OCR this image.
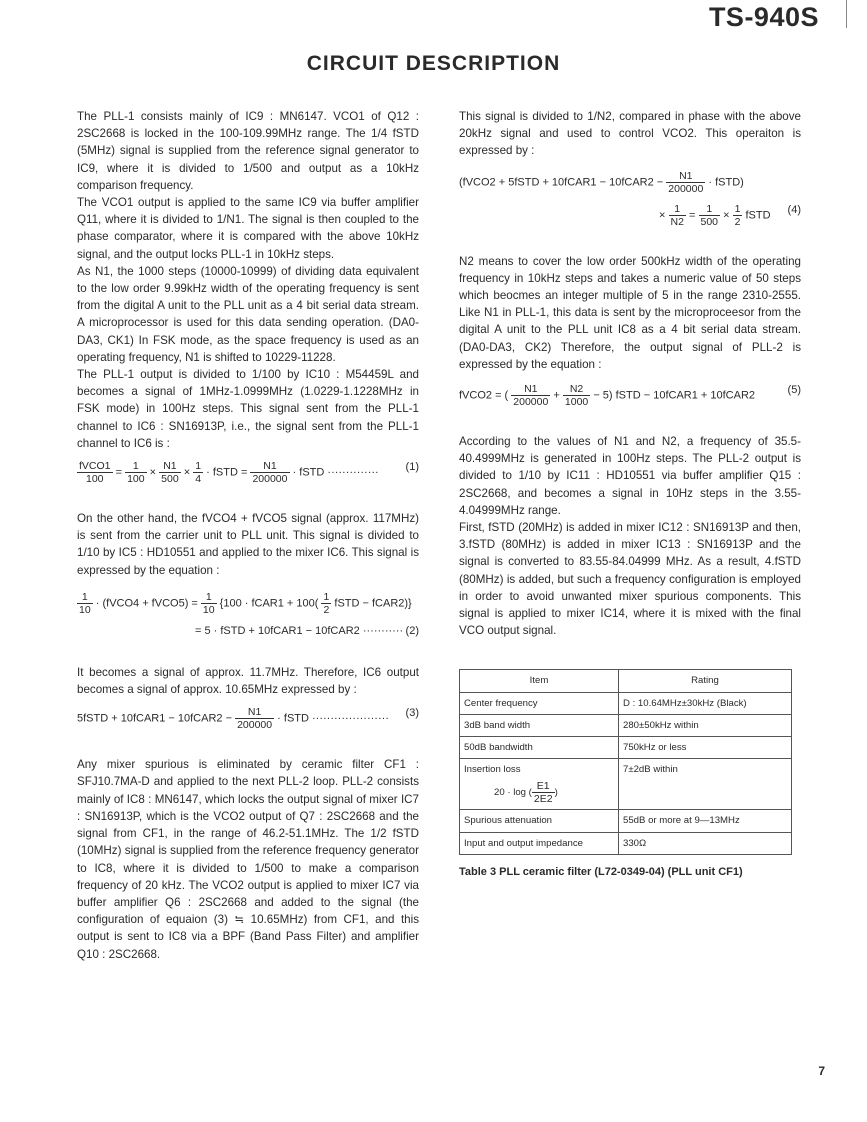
TS-940S
CIRCUIT DESCRIPTION

The PLL-1 consists mainly of IC9 : MN6147. VCO1 of Q12 : 2SC2668 is locked in the 100-109.99MHz range. The 1/4 fSTD (5MHz) signal is supplied from the reference signal generator to IC9, where it is divided to 1/500 and output as a 10kHz comparison frequency.

The VCO1 output is applied to the same IC9 via buffer amplifier Q11, where it is divided to 1/N1. The signal is then coupled to the phase comparator, where it is compared with the above 10kHz signal, and the output locks PLL-1 in 10kHz steps.

As N1, the 1000 steps (10000-10999) of dividing data equivalent to the low order 9.99kHz width of the operating frequency is sent from the digital A unit to the PLL unit as a 4 bit serial data stream. A microprocessor is used for this data sending operation. (DA0-DA3, CK1) In FSK mode, as the space frequency is used as an operating frequency, N1 is shifted to 10229-11228.

The PLL-1 output is divided to 1/100 by IC10 : M54459L and becomes a signal of 1MHz-1.0999MHz (1.0229-1.1228MHz in FSK mode) in 100Hz steps. This signal sent from the PLL-1 channel to IC6 : SN16913P, i.e., the signal sent from the PLL-1 channel to IC6 is :

$\frac{\text{fVCO1}}{100} = \frac{1}{100} \times \frac{N1}{500} \times \frac{1}{4}$ · fSTD = $\frac{N1}{200000}$ · fSTD ·············· (1)

On the other hand, the fVCO4 + fVCO5 signal (approx. 117MHz) is sent from the carrier unit to PLL unit. This signal is divided to 1/10 by IC5 : HD10551 and applied to the mixer IC6. This signal is expressed by the equation :

$\frac{1}{10}$ · (fVCO4 + fVCO5) = $\frac{1}{10} \{100$ · fCAR1 + $100( \frac{1}{2}$ fSTD − fCAR2)}
= 5 · fSTD + 10fCAR1 − 10fCAR2 ··········· (2)

It becomes a signal of approx. 11.7MHz. Therefore, IC6 output becomes a signal of approx. 10.65MHz expressed by :

5fSTD + 10fCAR1 − 10fCAR2 − $\frac{N1}{200000}$ · fSTD ····················· (3)

Any mixer spurious is eliminated by ceramic filter CF1 : SFJ10.7MA-D and applied to the next PLL-2 loop. PLL-2 consists mainly of IC8 : MN6147, which locks the output signal of mixer IC7 : SN16913P, which is the VCO2 output of Q7 : 2SC2668 and the signal from CF1, in the range of 46.2-51.1MHz. The 1/2 fSTD (10MHz) signal is supplied from the reference frequency generator to IC8, where it is divided to 1/500 to make a comparison frequency of 20 kHz. The VCO2 output is applied to mixer IC7 via buffer amplifier Q6 : 2SC2668 and added to the signal (the configuration of equaion (3) ≒ 10.65MHz) from CF1, and this output is sent to IC8 via a BPF (Band Pass Filter) and amplifier Q10 : 2SC2668.

This signal is divided to 1/N2, compared in phase with the above 20kHz signal and used to control VCO2. This operaiton is expressed by :

(fVCO2 + 5fSTD + 10fCAR1 − 10fCAR2 − $\frac{N1}{200000}$ · fSTD)
× $\frac{1}{N2} = \frac{1}{500} \times \frac{1}{2}$ fSTD (4)

N2 means to cover the low order 500kHz width of the operating frequency in 10kHz steps and takes a numeric value of 50 steps which beocmes an integer multiple of 5 in the range 2310-2555. Like N1 in PLL-1, this data is sent by the microproceesor from the digital A unit to the PLL unit IC8 as a 4 bit serial data stream. (DA0-DA3, CK2) Therefore, the output signal of PLL-2 is expressed by the equation :

fVCO2 = ( $\frac{N1}{200000} + \frac{N2}{1000} - 5$) fSTD − 10fCAR1 + 10fCAR2	(5)

According to the values of N1 and N2, a frequency of 35.5-40.4999MHz is generated in 100Hz steps. The PLL-2 output is divided to 1/10 by IC11 : HD10551 via buffer amplifier Q15 : 2SC2668, and becomes a signal in 10Hz steps in the 3.55-4.04999MHz range.

First, fSTD (20MHz) is added in mixer IC12 : SN16913P and then, 3.fSTD (80MHz) is added in mixer IC13 : SN16913P and the signal is converted to 83.55-84.04999 MHz. As a result, 4.fSTD (80MHz) is added, but such a frequency configuration is employed in order to avoid unwanted mixer spurious components. This signal is applied to mixer IC14, where it is mixed with the final VCO output signal.

Item	Rating
Center frequency	D : 10.64MHz±30kHz (Black)
3dB band width	280±50kHz within
50dB bandwidth	750kHz or less

Insertion loss
20 · log ( $\frac{E1}{2E2}$ )	7±2dB within
Spurious attenuation	55dB or more at 9—13MHz
Input and output impedance	330Ω
Table 3 PLL ceramic filter (L72-0349-04) (PLL unit CF1)
7
